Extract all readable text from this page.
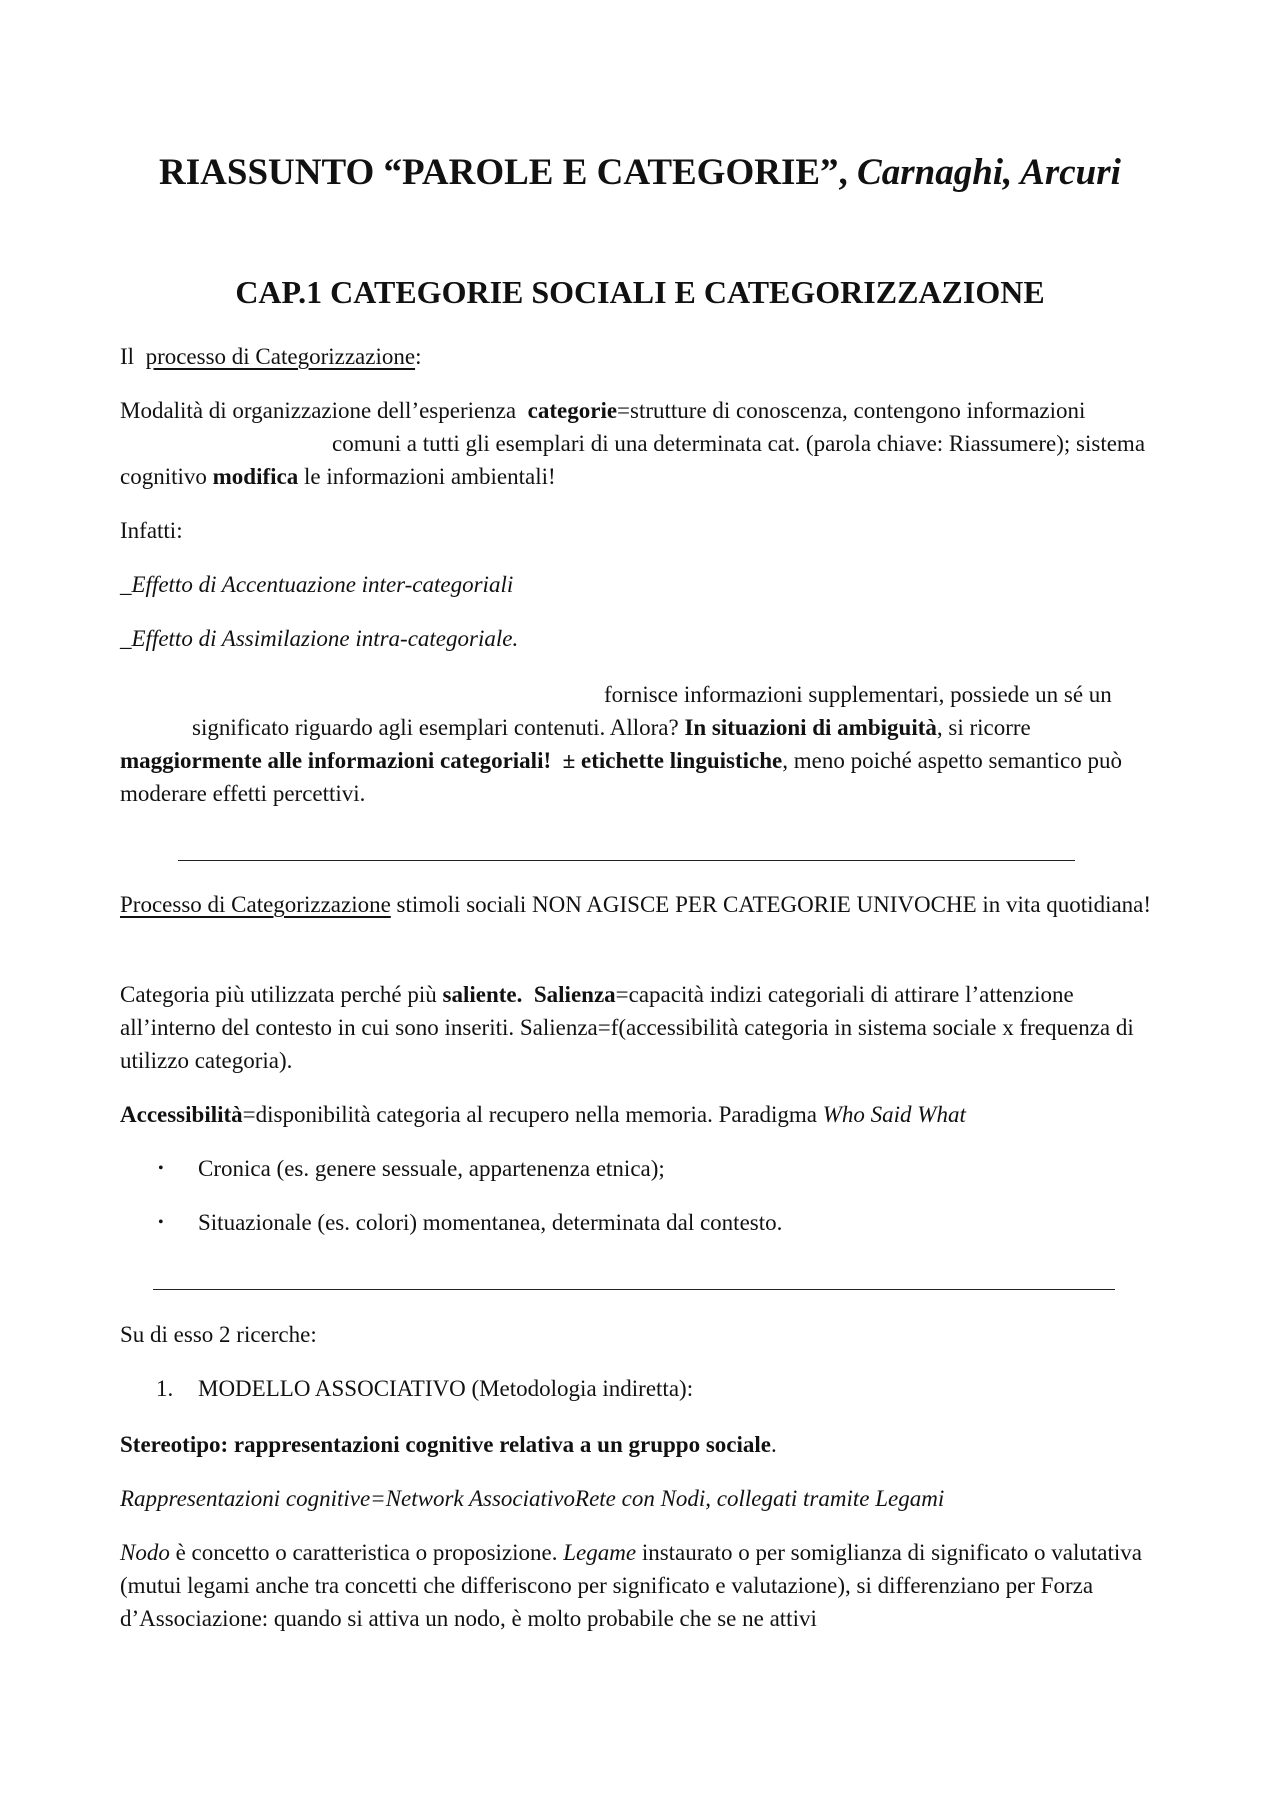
RIASSUNTO “PAROLE E CATEGORIE”, Carnaghi, Arcuri
CAP.1 CATEGORIE SOCIALI E CATEGORIZZAZIONE

Il processo di Categorizzazione:

Modalità di organizzazione dell’esperienza categorie=strutture di conoscenza, contengono informazionicomuni a tutti gli esemplari di una determinata cat. (parola chiave: Riassumere); sistema cognitivo modifica le informazioni ambientali!

Infatti:

_Effetto di Accentuazione inter-categoriali

_Effetto di Assimilazione intra-categoriale.

fornisce informazioni supplementari, possiede un sé unsignificato riguardo agli esemplari contenuti. Allora? In situazioni di ambiguità, si ricorre maggiormente alle informazioni categoriali! ± etichette linguistiche, meno poiché aspetto semantico può moderare effetti percettivi.

Processo di Categorizzazione stimoli sociali NON AGISCE PER CATEGORIE UNIVOCHE in vita quotidiana!

Categoria più utilizzata perché più saliente. Salienza=capacità indizi categoriali di attirare l’attenzione all’interno del contesto in cui sono inseriti. Salienza=f(accessibilità categoria in sistema sociale x frequenza di utilizzo categoria).

Accessibilità=disponibilità categoria al recupero nella memoria. Paradigma Who Said What

•	Cronica (es. genere sessuale, appartenenza etnica);
•	Situazionale (es. colori) momentanea, determinata dal contesto.

Su di esso 2 ricerche:

1. MODELLO ASSOCIATIVO (Metodologia indiretta):

Stereotipo: rappresentazioni cognitive relativa a un gruppo sociale.

Rappresentazioni cognitive=Network AssociativoRete con Nodi, collegati tramite Legami

Nodo è concetto o caratteristica o proposizione. Legame instaurato o per somiglianza di significato o valutativa (mutui legami anche tra concetti che differiscono per significato e valutazione), si differenziano per Forza d’Associazione: quando si attiva un nodo, è molto probabile che se ne attivi
